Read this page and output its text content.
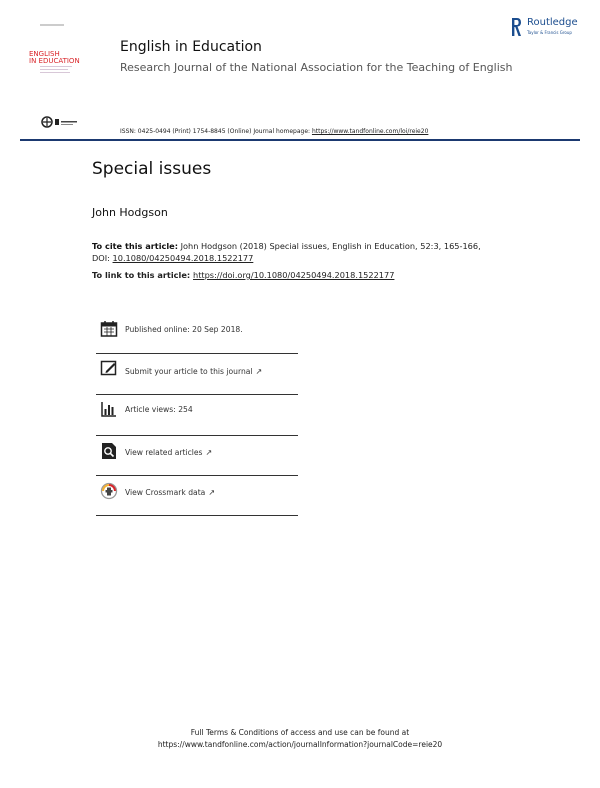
ENGLISH
IN EDUCATION
English in Education
Research Journal of the National Association for the Teaching of English
Routledge
Taylor & Francis Group
ISSN: 0425-0494 (Print) 1754-8845 (Online) Journal homepage: https://www.tandfonline.com/loi/reie20
Special issues
John Hodgson
To cite this article: John Hodgson (2018) Special issues, English in Education, 52:3, 165-166,
DOI: 10.1080/04250494.2018.1522177
To link to this article: https://doi.org/10.1080/04250494.2018.1522177
Published online: 20 Sep 2018.
Submit your article to this journal ↗
Article views: 254
View related articles ↗
View Crossmark data ↗
Full Terms & Conditions of access and use can be found at
https://www.tandfonline.com/action/journalInformation?journalCode=reie20
